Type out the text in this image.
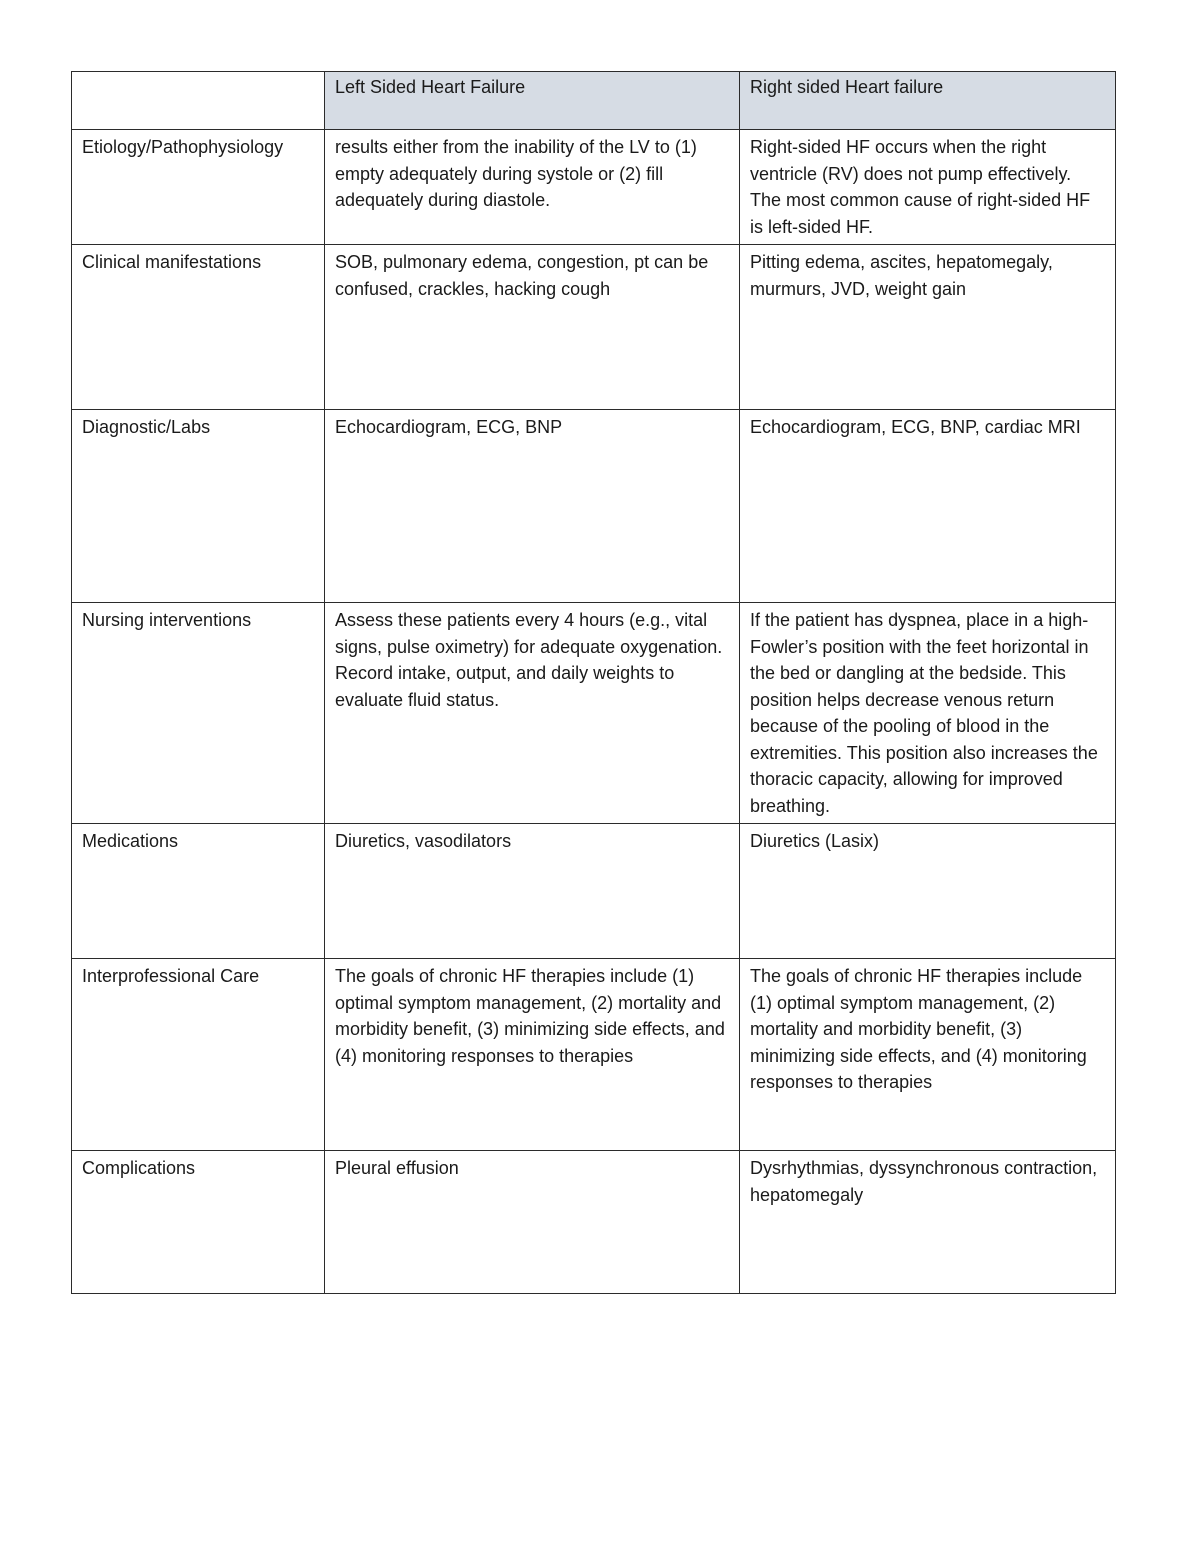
	Left Sided Heart Failure	Right sided Heart failure

Etiology/Pathophysiology	results either from the inability of the LV to (1) empty adequately during systole or (2) fill adequately during diastole.	Right-sided HF occurs when the right ventricle (RV) does not pump effectively. The most common cause of right-sided HF is left-sided HF.

Clinical manifestations	SOB, pulmonary edema, congestion, pt can be confused, crackles, hacking cough	Pitting edema, ascites, hepatomegaly, murmurs, JVD, weight gain

Diagnostic/Labs	Echocardiogram, ECG, BNP	Echocardiogram, ECG, BNP, cardiac MRI

Nursing interventions	Assess these patients every 4 hours (e.g., vital signs, pulse oximetry) for adequate oxygenation. Record intake, output, and daily weights to evaluate fluid status.	If the patient has dyspnea, place in a high-Fowler’s position with the feet horizontal in the bed or dangling at the bedside. This position helps decrease venous return because of the pooling of blood in the extremities. This position also increases the thoracic capacity, allowing for improved breathing.

Medications	Diuretics, vasodilators	Diuretics (Lasix)

Interprofessional Care	The goals of chronic HF therapies include (1) optimal symptom management, (2) mortality and morbidity benefit, (3) minimizing side effects, and (4) monitoring responses to therapies	The goals of chronic HF therapies include (1) optimal symptom management, (2) mortality and morbidity benefit, (3) minimizing side effects, and (4) monitoring responses to therapies

Complications	Pleural effusion	Dysrhythmias, dyssynchronous contraction, hepatomegaly
